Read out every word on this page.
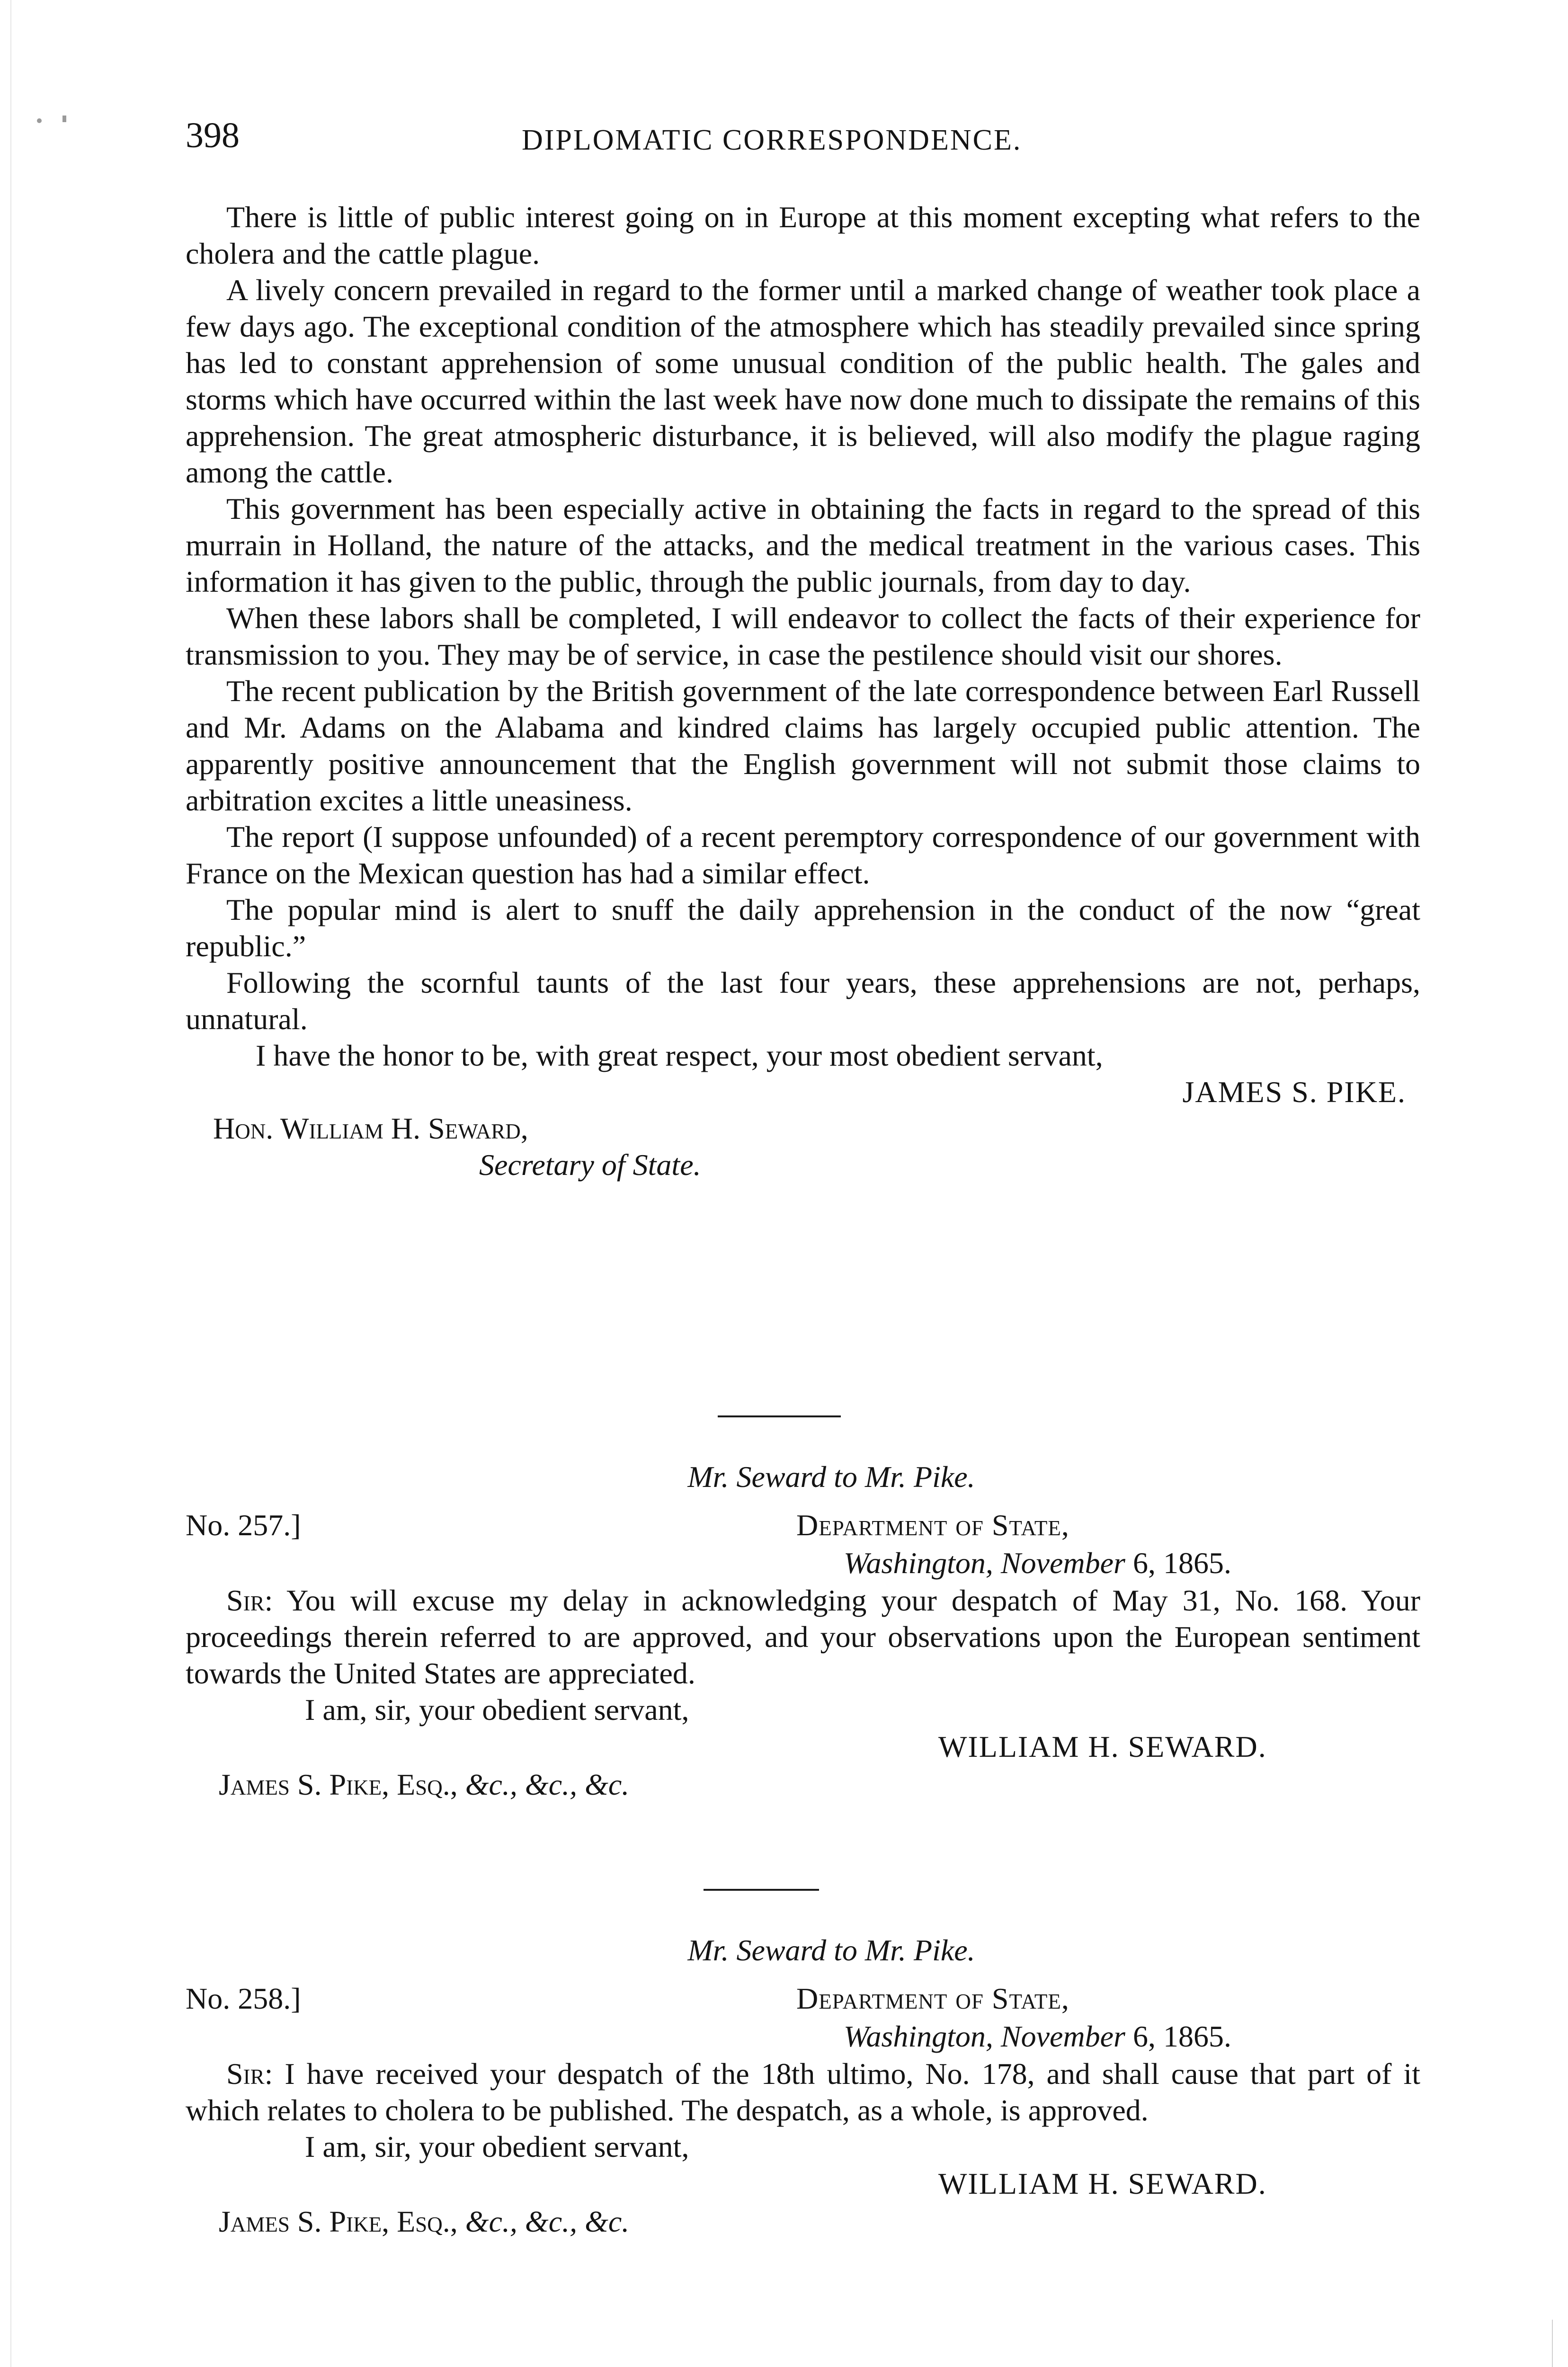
398	DIPLOMATIC CORRESPONDENCE.

There is little of public interest going on in Europe at this moment excepting what refers to the cholera and the cattle plague.

A lively concern prevailed in regard to the former until a marked change of weather took place a few days ago. The exceptional condition of the atmosphere which has steadily prevailed since spring has led to constant apprehension of some unusual condition of the public health. The gales and storms which have occurred within the last week have now done much to dissipate the remains of this apprehension. The great atmospheric disturbance, it is believed, will also modify the plague raging among the cattle.

This government has been especially active in obtaining the facts in regard to the spread of this murrain in Holland, the nature of the attacks, and the medical treatment in the various cases. This information it has given to the public, through the public journals, from day to day.

When these labors shall be completed, I will endeavor to collect the facts of their experience for transmission to you. They may be of service, in case the pestilence should visit our shores.

The recent publication by the British government of the late correspondence between Earl Russell and Mr. Adams on the Alabama and kindred claims has largely occupied public attention. The apparently positive announcement that the English government will not submit those claims to arbitration excites a little uneasiness.

The report (I suppose unfounded) of a recent peremptory correspondence of our government with France on the Mexican question has had a similar effect.

The popular mind is alert to snuff the daily apprehension in the conduct of the now “great republic.”

Following the scornful taunts of the last four years, these apprehensions are not, perhaps, unnatural.

I have the honor to be, with great respect, your most obedient servant,
JAMES S. PIKE.
Hon. William H. Seward,
Secretary of State.
Mr. Seward to Mr. Pike.
No. 257.]	Department of State,
Washington, November 6, 1865.

Sir: You will excuse my delay in acknowledging your despatch of May 31, No. 168. Your proceedings therein referred to are approved, and your observations upon the European sentiment towards the United States are appreciated.

I am, sir, your obedient servant,
WILLIAM H. SEWARD.
James S. Pike, Esq., &c., &c., &c.
Mr. Seward to Mr. Pike.
No. 258.]	Department of State,
Washington, November 6, 1865.

Sir: I have received your despatch of the 18th ultimo, No. 178, and shall cause that part of it which relates to cholera to be published. The despatch, as a whole, is approved.

I am, sir, your obedient servant,
WILLIAM H. SEWARD.
James S. Pike, Esq., &c., &c., &c.
